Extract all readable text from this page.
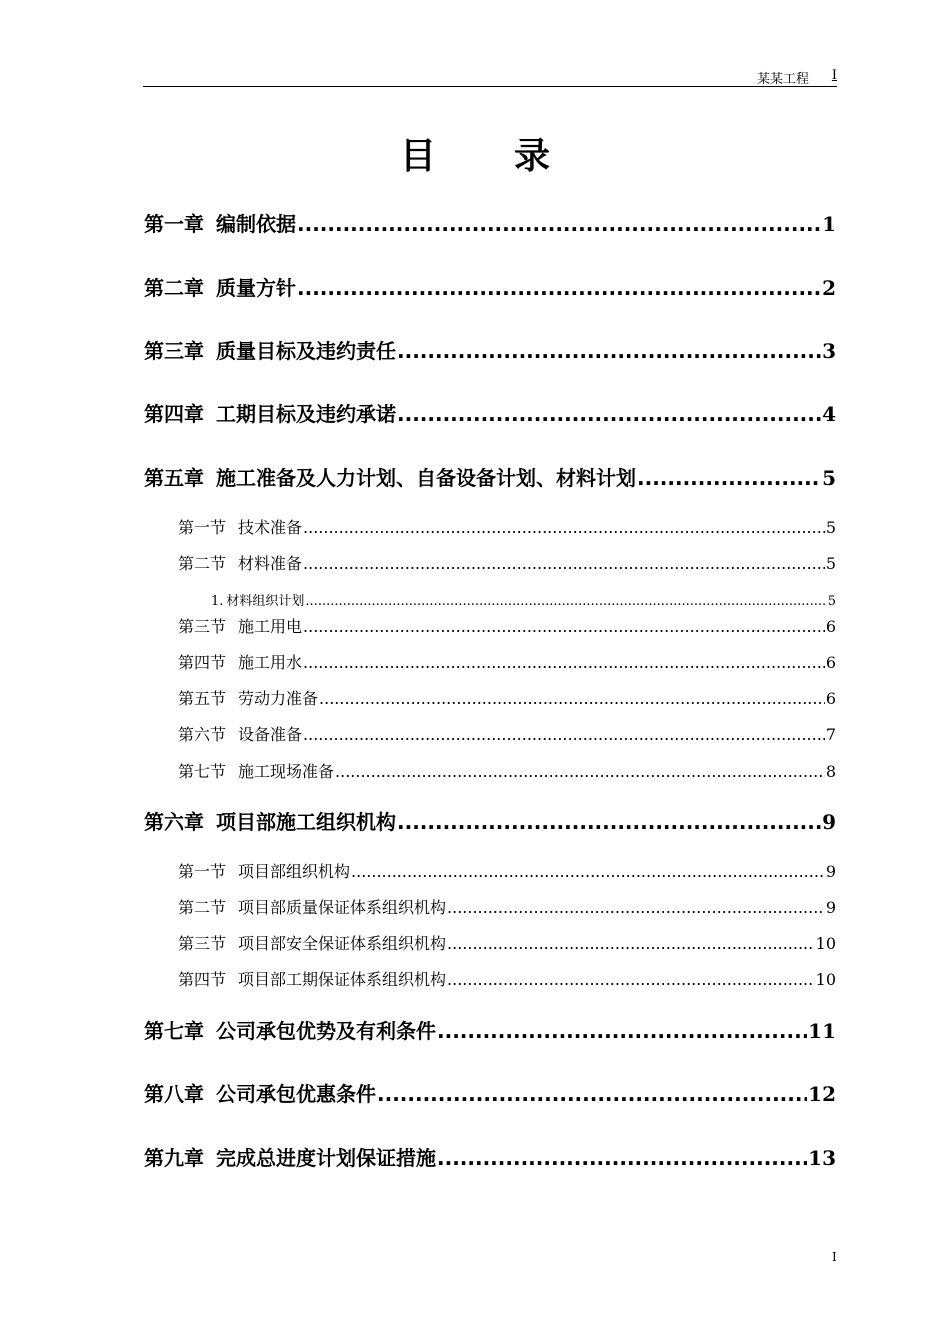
某某工程 I
目录
第一章 编制依据 .....	1
第二章 质量方针 .....	2
第三章 质量目标及违约责任 .....	3
第四章 工期目标及违约承诺 .....	4
第五章 施工准备及人力计划、自备设备计划、材料计划 .....	5
第一节 技术准备 .....	5
第二节 材料准备 .....	5
1. 材料组织计划 .....	5
第三节 施工用电 .....	6
第四节 施工用水 .....	6
第五节 劳动力准备 .....	6
第六节 设备准备 .....	7
第七节 施工现场准备 .....	8
第六章 项目部施工组织机构 .....	9
第一节 项目部组织机构 .....	9
第二节 项目部质量保证体系组织机构 .....	9
第三节 项目部安全保证体系组织机构 .....	10
第四节 项目部工期保证体系组织机构 .....	10
第七章 公司承包优势及有利条件 .....	11
第八章 公司承包优惠条件 .....	12
第九章 完成总进度计划保证措施 .....	13
I
